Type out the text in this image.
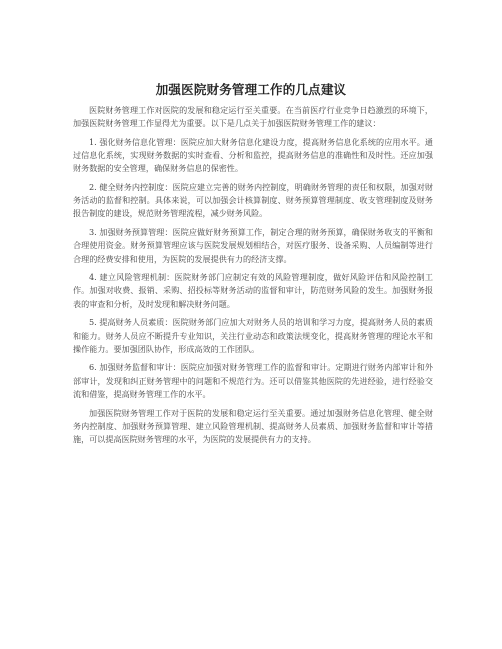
加强医院财务管理工作的几点建议

医院财务管理工作对医院的发展和稳定运行至关重要。在当前医疗行业竞争日趋激烈的环境下，加强医院财务管理工作显得尤为重要。以下是几点关于加强医院财务管理工作的建议：

1. 强化财务信息化管理：医院应加大财务信息化建设力度，提高财务信息化系统的应用水平。通过信息化系统，实现财务数据的实时查看、分析和监控，提高财务信息的准确性和及时性。还应加强财务数据的安全管理，确保财务信息的保密性。

2. 健全财务内控制度：医院应建立完善的财务内控制度，明确财务管理的责任和权限，加强对财务活动的监督和控制。具体来说，可以加强会计核算制度、财务预算管理制度、收支管理制度及财务报告制度的建设，规范财务管理流程，减少财务风险。

3. 加强财务预算管理：医院应做好财务预算工作，制定合理的财务预算，确保财务收支的平衡和合理使用资金。财务预算管理应该与医院发展规划相结合，对医疗服务、设备采购、人员编制等进行合理的经费安排和使用，为医院的发展提供有力的经济支撑。

4. 建立风险管理机制：医院财务部门应制定有效的风险管理制度，做好风险评估和风险控制工作。加强对收费、报销、采购、招投标等财务活动的监督和审计，防范财务风险的发生。加强财务报表的审查和分析，及时发现和解决财务问题。

5. 提高财务人员素质：医院财务部门应加大对财务人员的培训和学习力度，提高财务人员的素质和能力。财务人员应不断提升专业知识，关注行业动态和政策法规变化，提高财务管理的理论水平和操作能力。要加强团队协作，形成高效的工作团队。

6. 加强财务监督和审计：医院应加强对财务管理工作的监督和审计。定期进行财务内部审计和外部审计，发现和纠正财务管理中的问题和不规范行为。还可以借鉴其他医院的先进经验，进行经验交流和借鉴，提高财务管理工作的水平。

加强医院财务管理工作对于医院的发展和稳定运行至关重要。通过加强财务信息化管理、健全财务内控制度、加强财务预算管理、建立风险管理机制、提高财务人员素质、加强财务监督和审计等措施，可以提高医院财务管理的水平，为医院的发展提供有力的支持。
